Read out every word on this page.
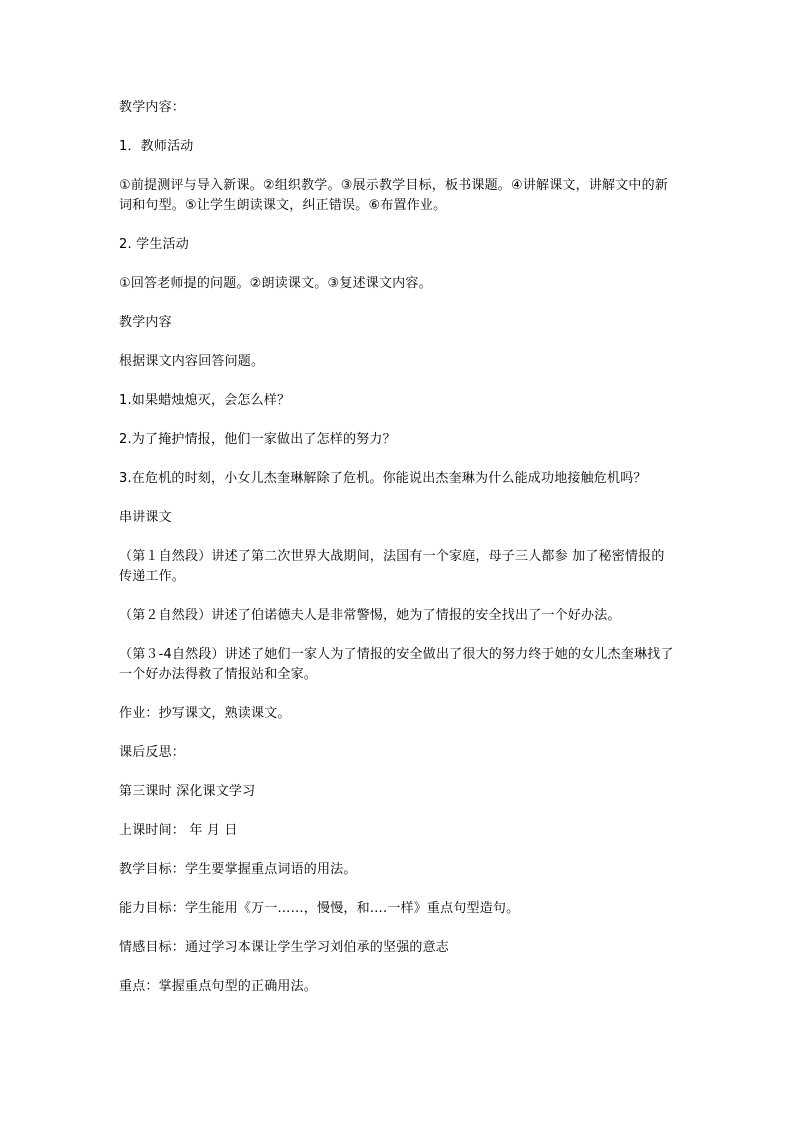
教学内容：

1．教师活动

①前提测评与导入新课。②组织教学。③展示教学目标，板书课题。④讲解课文，讲解文中的新词和句型。⑤让学生朗读课文，纠正错误。⑥布置作业。

2. 学生活动

①回答老师提的问题。②朗读课文。③复述课文内容。

教学内容

根据课文内容回答问题。

1.如果蜡烛熄灭，会怎么样？

2.为了掩护情报，他们一家做出了怎样的努力？

3.在危机的时刻，小女儿杰奎琳解除了危机。你能说出杰奎琳为什么能成功地接触危机吗？

串讲课文

（第１自然段）讲述了第二次世界大战期间，法国有一个家庭，母子三人都参 加了秘密情报的传递工作。

（第２自然段）讲述了伯诺德夫人是非常警惕，她为了情报的安全找出了一个好办法。

（第３-4自然段）讲述了她们一家人为了情报的安全做出了很大的努力终于她的女儿杰奎琳找了一个好办法得救了情报站和全家。

作业：抄写课文，熟读课文。

课后反思：

第三课时 深化课文学习

上课时间： 年 月 日

教学目标：学生要掌握重点词语的用法。

能力目标：学生能用《万一……，慢慢，和….一样》重点句型造句。

情感目标：通过学习本课让学生学习刘伯承的坚强的意志

重点：掌握重点句型的正确用法。
